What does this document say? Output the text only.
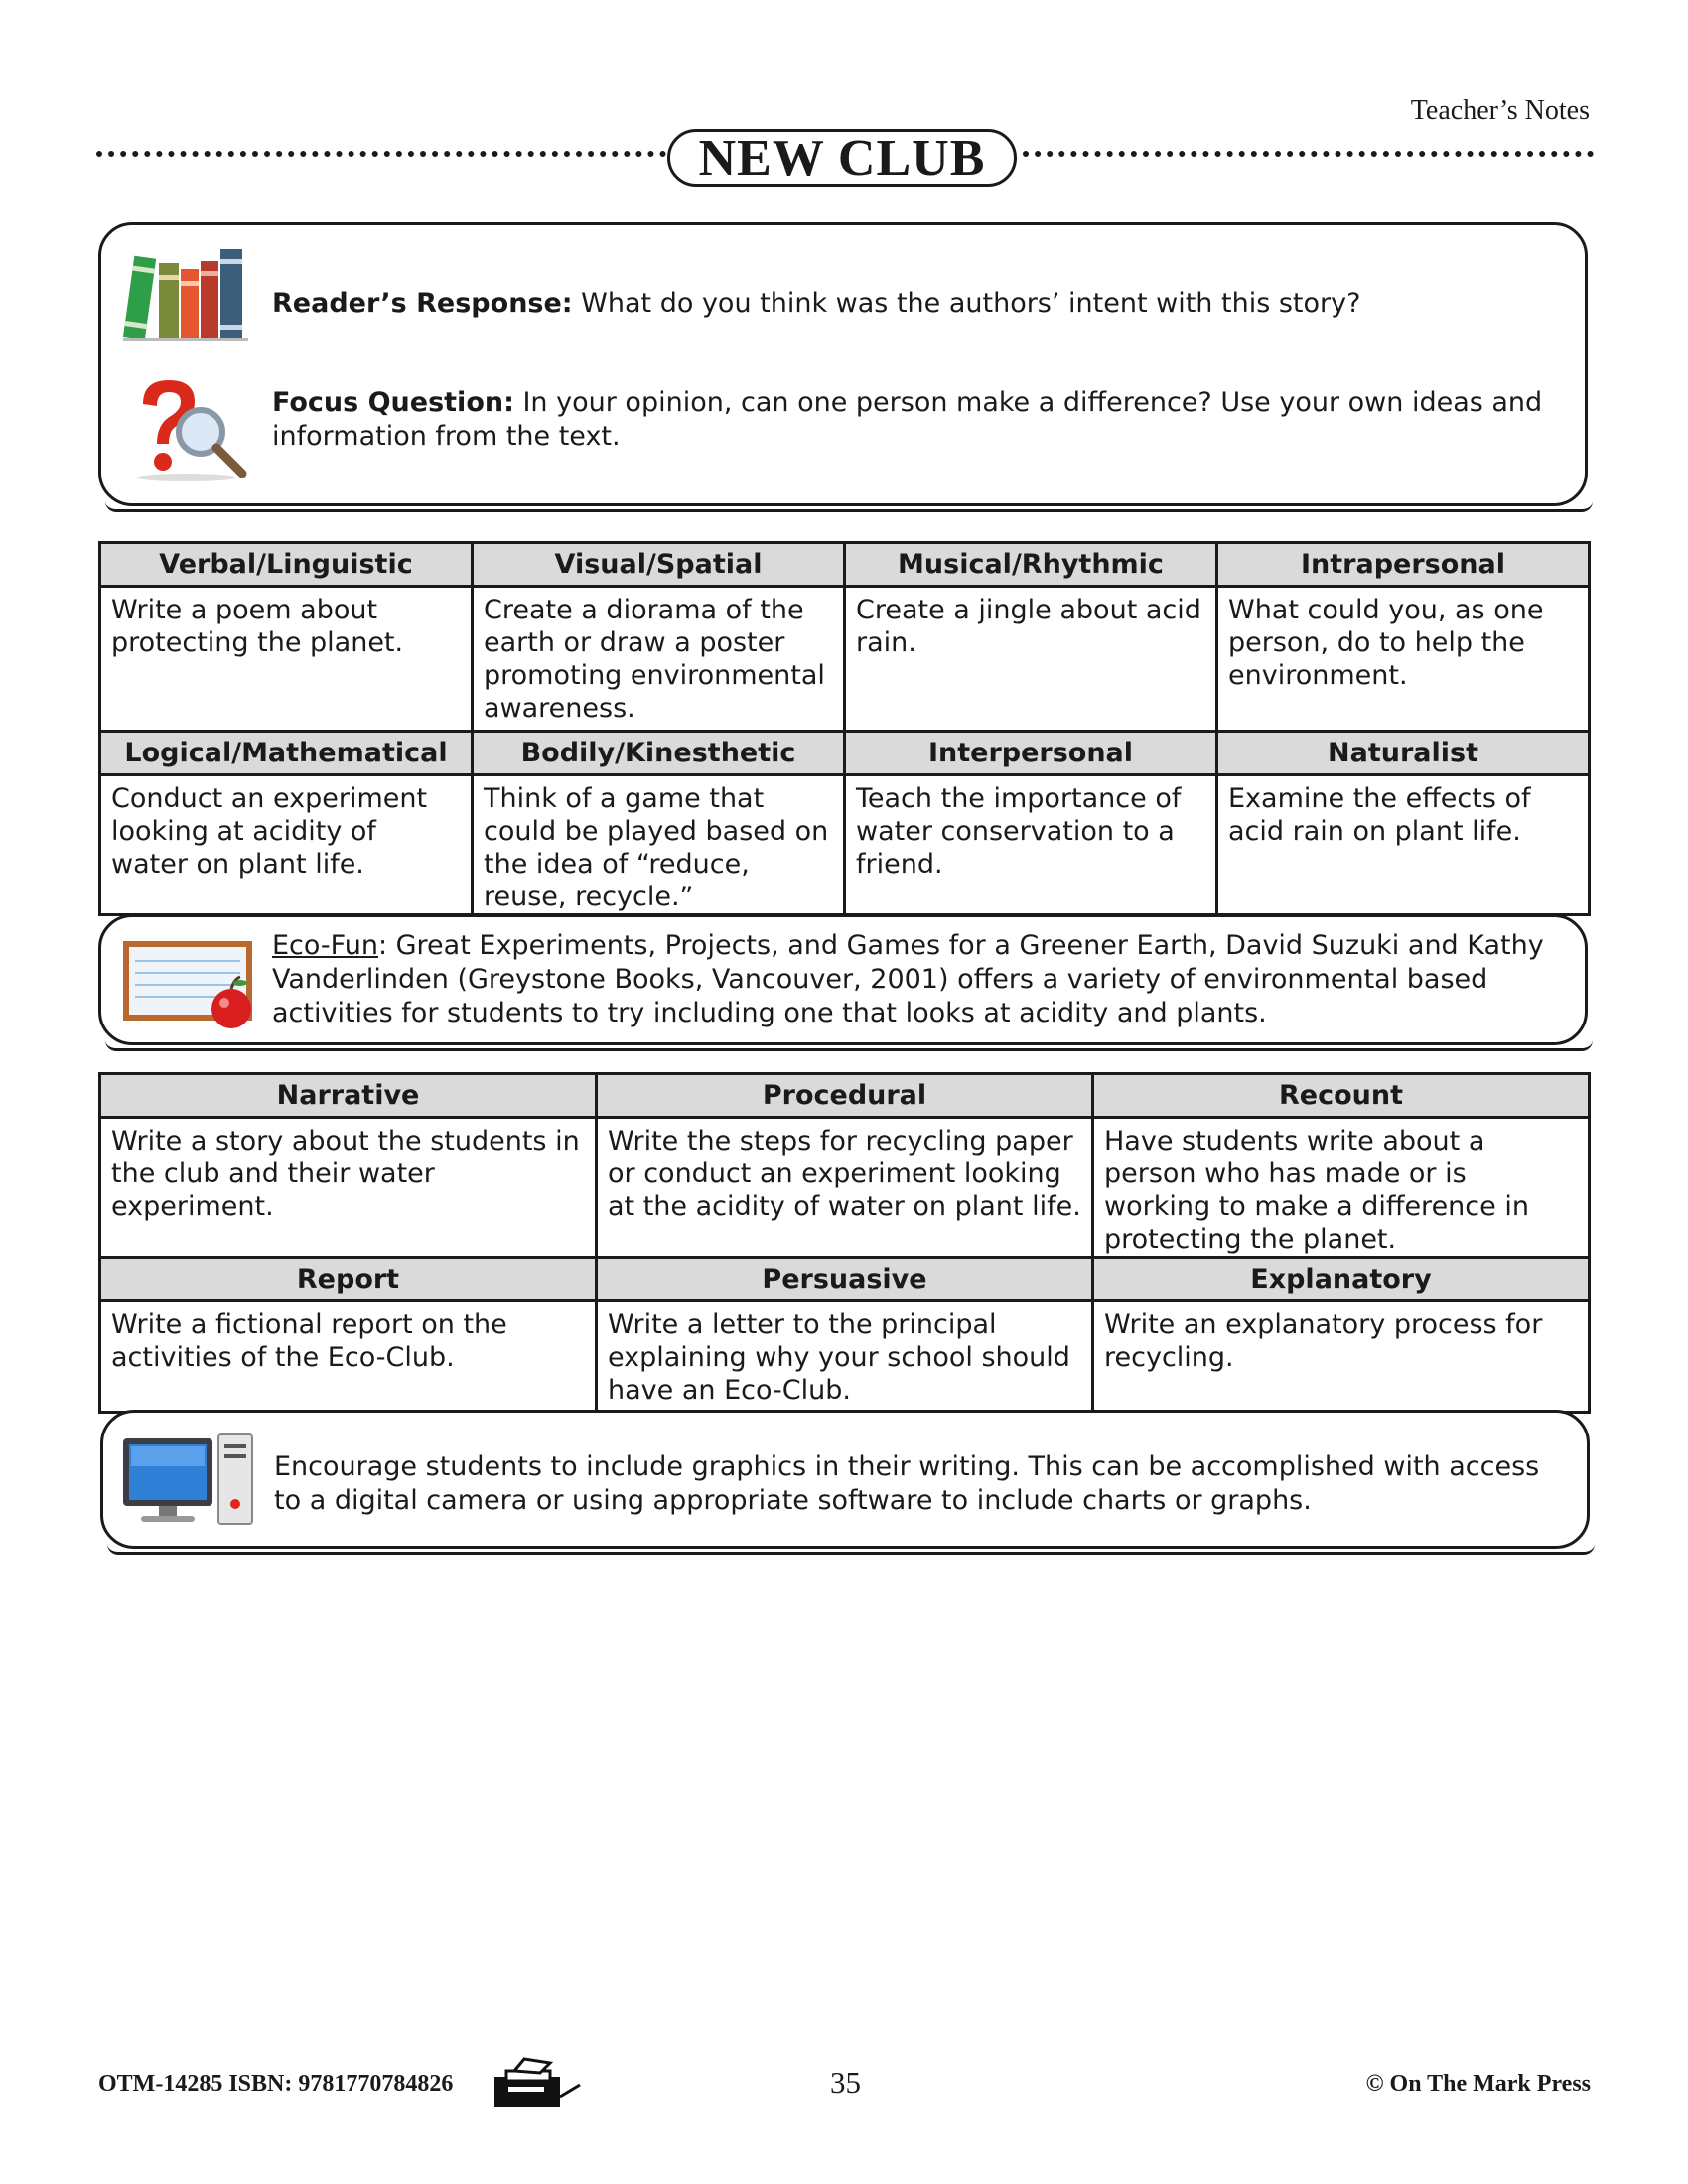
Teacher’s Notes
NEW CLUB
Reader’s Response: What do you think was the authors’ intent with this story?
Focus Question: In your opinion, can one person make a difference? Use your own ideas and information from the text.
Verbal/Linguistic	Visual/Spatial	Musical/Rhythmic	Intrapersonal
Write a poem about protecting the planet.	Create a diorama of the earth or draw a poster promoting environmental awareness.	Create a jingle about acid rain.	What could you, as one person, do to help the environment.
Logical/Mathematical	Bodily/Kinesthetic	Interpersonal	Naturalist
Conduct an experiment looking at acidity of water on plant life.	Think of a game that could be played based on the idea of “reduce, reuse, recycle.”	Teach the importance of water conservation to a friend.	Examine the effects of acid rain on plant life.
Eco-Fun: Great Experiments, Projects, and Games for a Greener Earth, David Suzuki and Kathy Vanderlinden (Greystone Books, Vancouver, 2001) offers a variety of environmental based activities for students to try including one that looks at acidity and plants.
Narrative	Procedural	Recount
Write a story about the students in the club and their water experiment.	Write the steps for recycling paper or conduct an experiment looking at the acidity of water on plant life.	Have students write about a person who has made or is working to make a difference in protecting the planet.
Report	Persuasive	Explanatory
Write a fictional report on the activities of the Eco-Club.	Write a letter to the principal explaining why your school should have an Eco-Club.	Write an explanatory process for recycling.
Encourage students to include graphics in their writing. This can be accomplished with access to a digital camera or using appropriate software to include charts or graphs.
OTM-14285 ISBN: 9781770784826	35	© On The Mark Press
